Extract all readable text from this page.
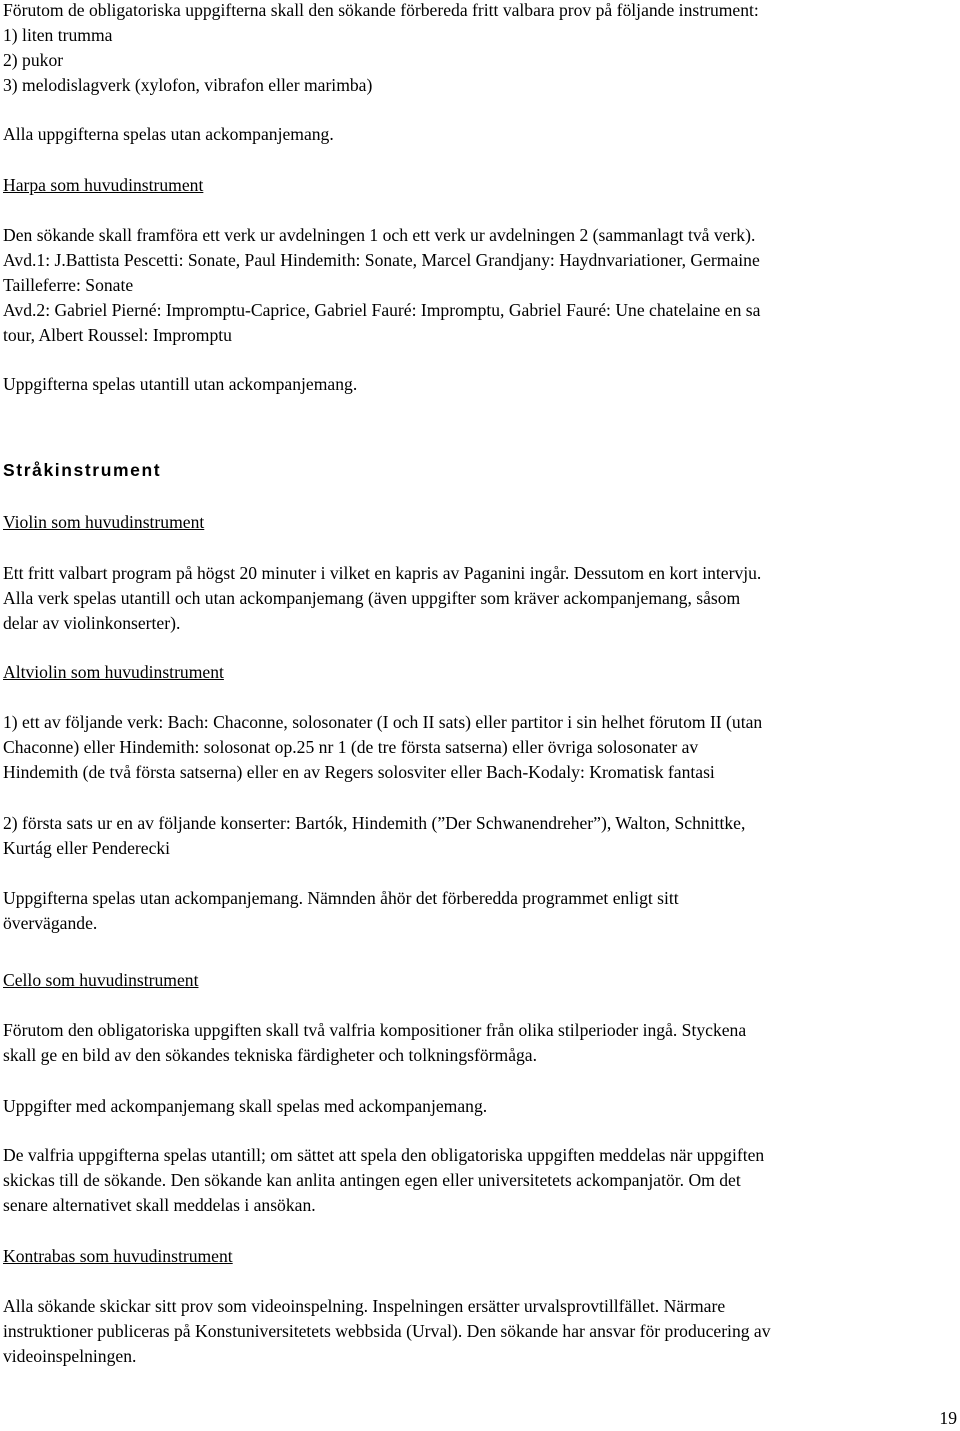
Förutom de obligatoriska uppgifterna skall den sökande förbereda fritt valbara prov på följande instrument:
1) liten trumma
2) pukor
3) melodislagverk (xylofon, vibrafon eller marimba)
Alla uppgifterna spelas utan ackompanjemang.
Harpa som huvudinstrument
Den sökande skall framföra ett verk ur avdelningen 1 och ett verk ur avdelningen 2 (sammanlagt två verk).
Avd.1: J.Battista Pescetti: Sonate, Paul Hindemith: Sonate, Marcel Grandjany: Haydnvariationer, Germaine
Tailleferre: Sonate
Avd.2: Gabriel Pierné: Impromptu-Caprice, Gabriel Fauré: Impromptu, Gabriel Fauré: Une chatelaine en sa
tour, Albert Roussel: Impromptu
Uppgifterna spelas utantill utan ackompanjemang.
Stråkinstrument
Violin som huvudinstrument
Ett fritt valbart program på högst 20 minuter i vilket en kapris av Paganini ingår. Dessutom en kort intervju.
Alla verk spelas utantill och utan ackompanjemang (även uppgifter som kräver ackompanjemang, såsom
delar av violinkonserter).
Altviolin som huvudinstrument
1) ett av följande verk: Bach: Chaconne, solosonater (I och II sats) eller partitor i sin helhet förutom II (utan
Chaconne) eller Hindemith: solosonat op.25 nr 1 (de tre första satserna) eller övriga solosonater av
Hindemith (de två första satserna) eller en av Regers solosviter eller Bach-Kodaly: Kromatisk fantasi
2) första sats ur en av följande konserter: Bartók, Hindemith (”Der Schwanendreher”), Walton, Schnittke,
Kurtág eller Penderecki
Uppgifterna spelas utan ackompanjemang. Nämnden åhör det förberedda programmet enligt sitt
övervägande.
Cello som huvudinstrument
Förutom den obligatoriska uppgiften skall två valfria kompositioner från olika stilperioder ingå. Styckena
skall ge en bild av den sökandes tekniska färdigheter och tolkningsförmåga.
Uppgifter med ackompanjemang skall spelas med ackompanjemang.
De valfria uppgifterna spelas utantill; om sättet att spela den obligatoriska uppgiften meddelas när uppgiften
skickas till de sökande. Den sökande kan anlita antingen egen eller universitetets ackompanjatör. Om det
senare alternativet skall meddelas i ansökan.
Kontrabas som huvudinstrument
Alla sökande skickar sitt prov som videoinspelning. Inspelningen ersätter urvalsprovtillfället. Närmare
instruktioner publiceras på Konstuniversitetets webbsida (Urval). Den sökande har ansvar för producering av
videoinspelningen.
19
